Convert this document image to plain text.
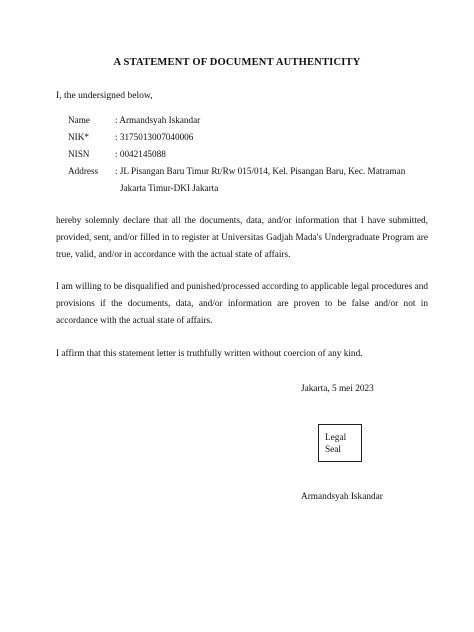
A STATEMENT OF DOCUMENT AUTHENTICITY
I, the undersigned below,
Name	: Armandsyah Iskandar
NIK*	: 3175013007040006
NISN	: 0042145088
Address	: JL Pisangan Baru Timur Rt/Rw 015/014, Kel. Pisangan Baru, Kec. Matraman
Jakarta Timur-DKI Jakarta
hereby solemnly declare that all the documents, data, and/or information that I have submitted, provided, sent, and/or filled in to register at Universitas Gadjah Mada's Undergraduate Program are true, valid, and/or in accordance with the actual state of affairs.
I am willing to be disqualified and punished/processed according to applicable legal procedures and provisions if the documents, data, and/or information are proven to be false and/or not in accordance with the actual state of affairs.
I affirm that this statement letter is truthfully written without coercion of any kind.
Jakarta, 5 mei 2023
Legal
Seal
Armandsyah Iskandar
